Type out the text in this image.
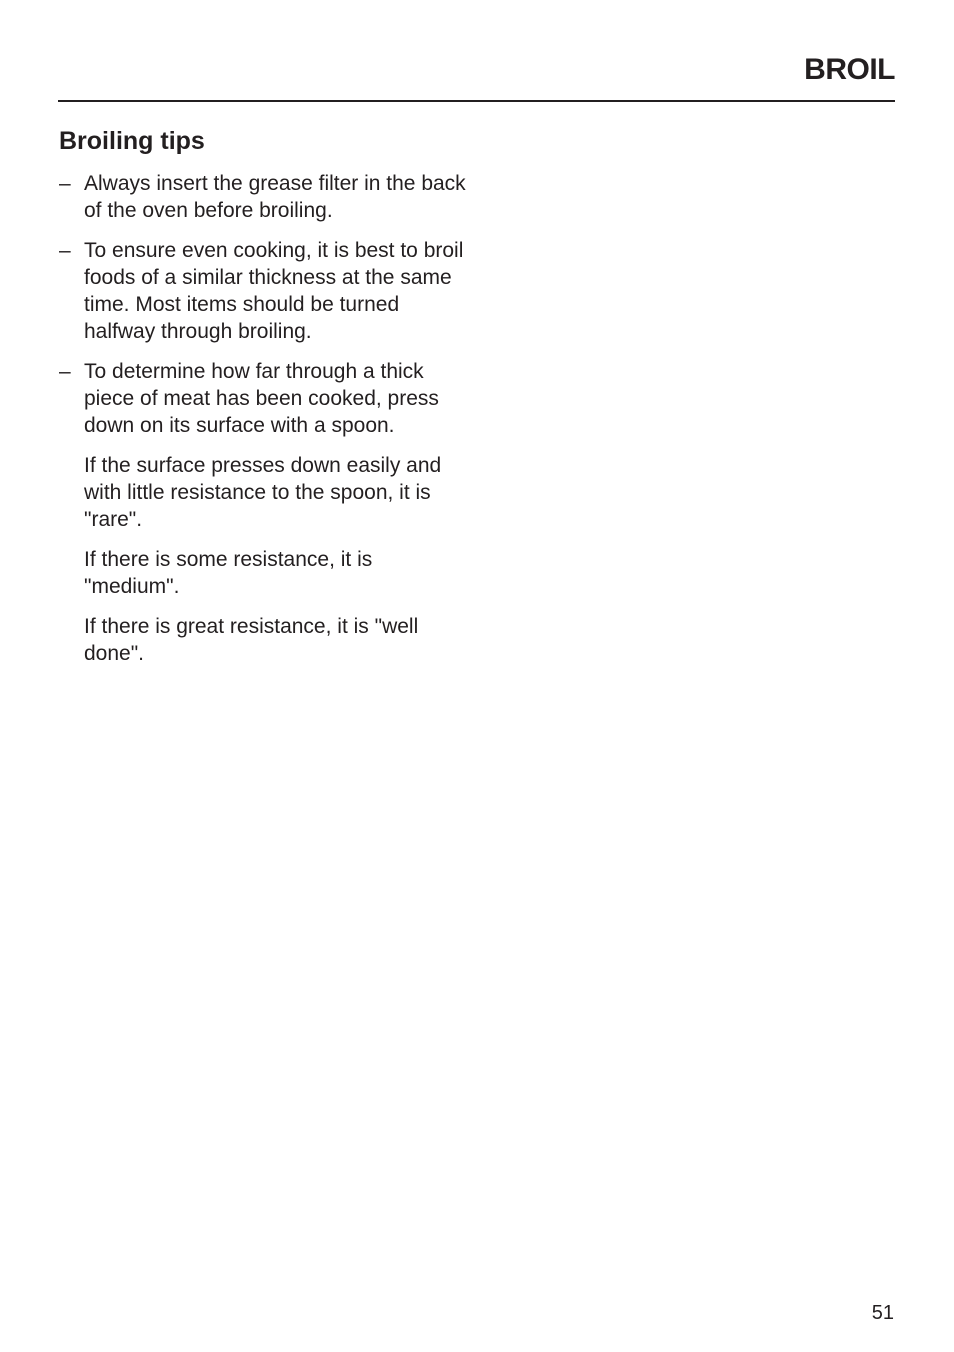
BROIL
Broiling tips
– Always insert the grease filter in the back of the oven before broiling.
– To ensure even cooking, it is best to broil foods of a similar thickness at the same time. Most items should be turned halfway through broiling.
– To determine how far through a thick piece of meat has been cooked, press down on its surface with a spoon.
If the surface presses down easily and with little resistance to the spoon, it is "rare".
If there is some resistance, it is "medium".
If there is great resistance, it is "well done".
51
